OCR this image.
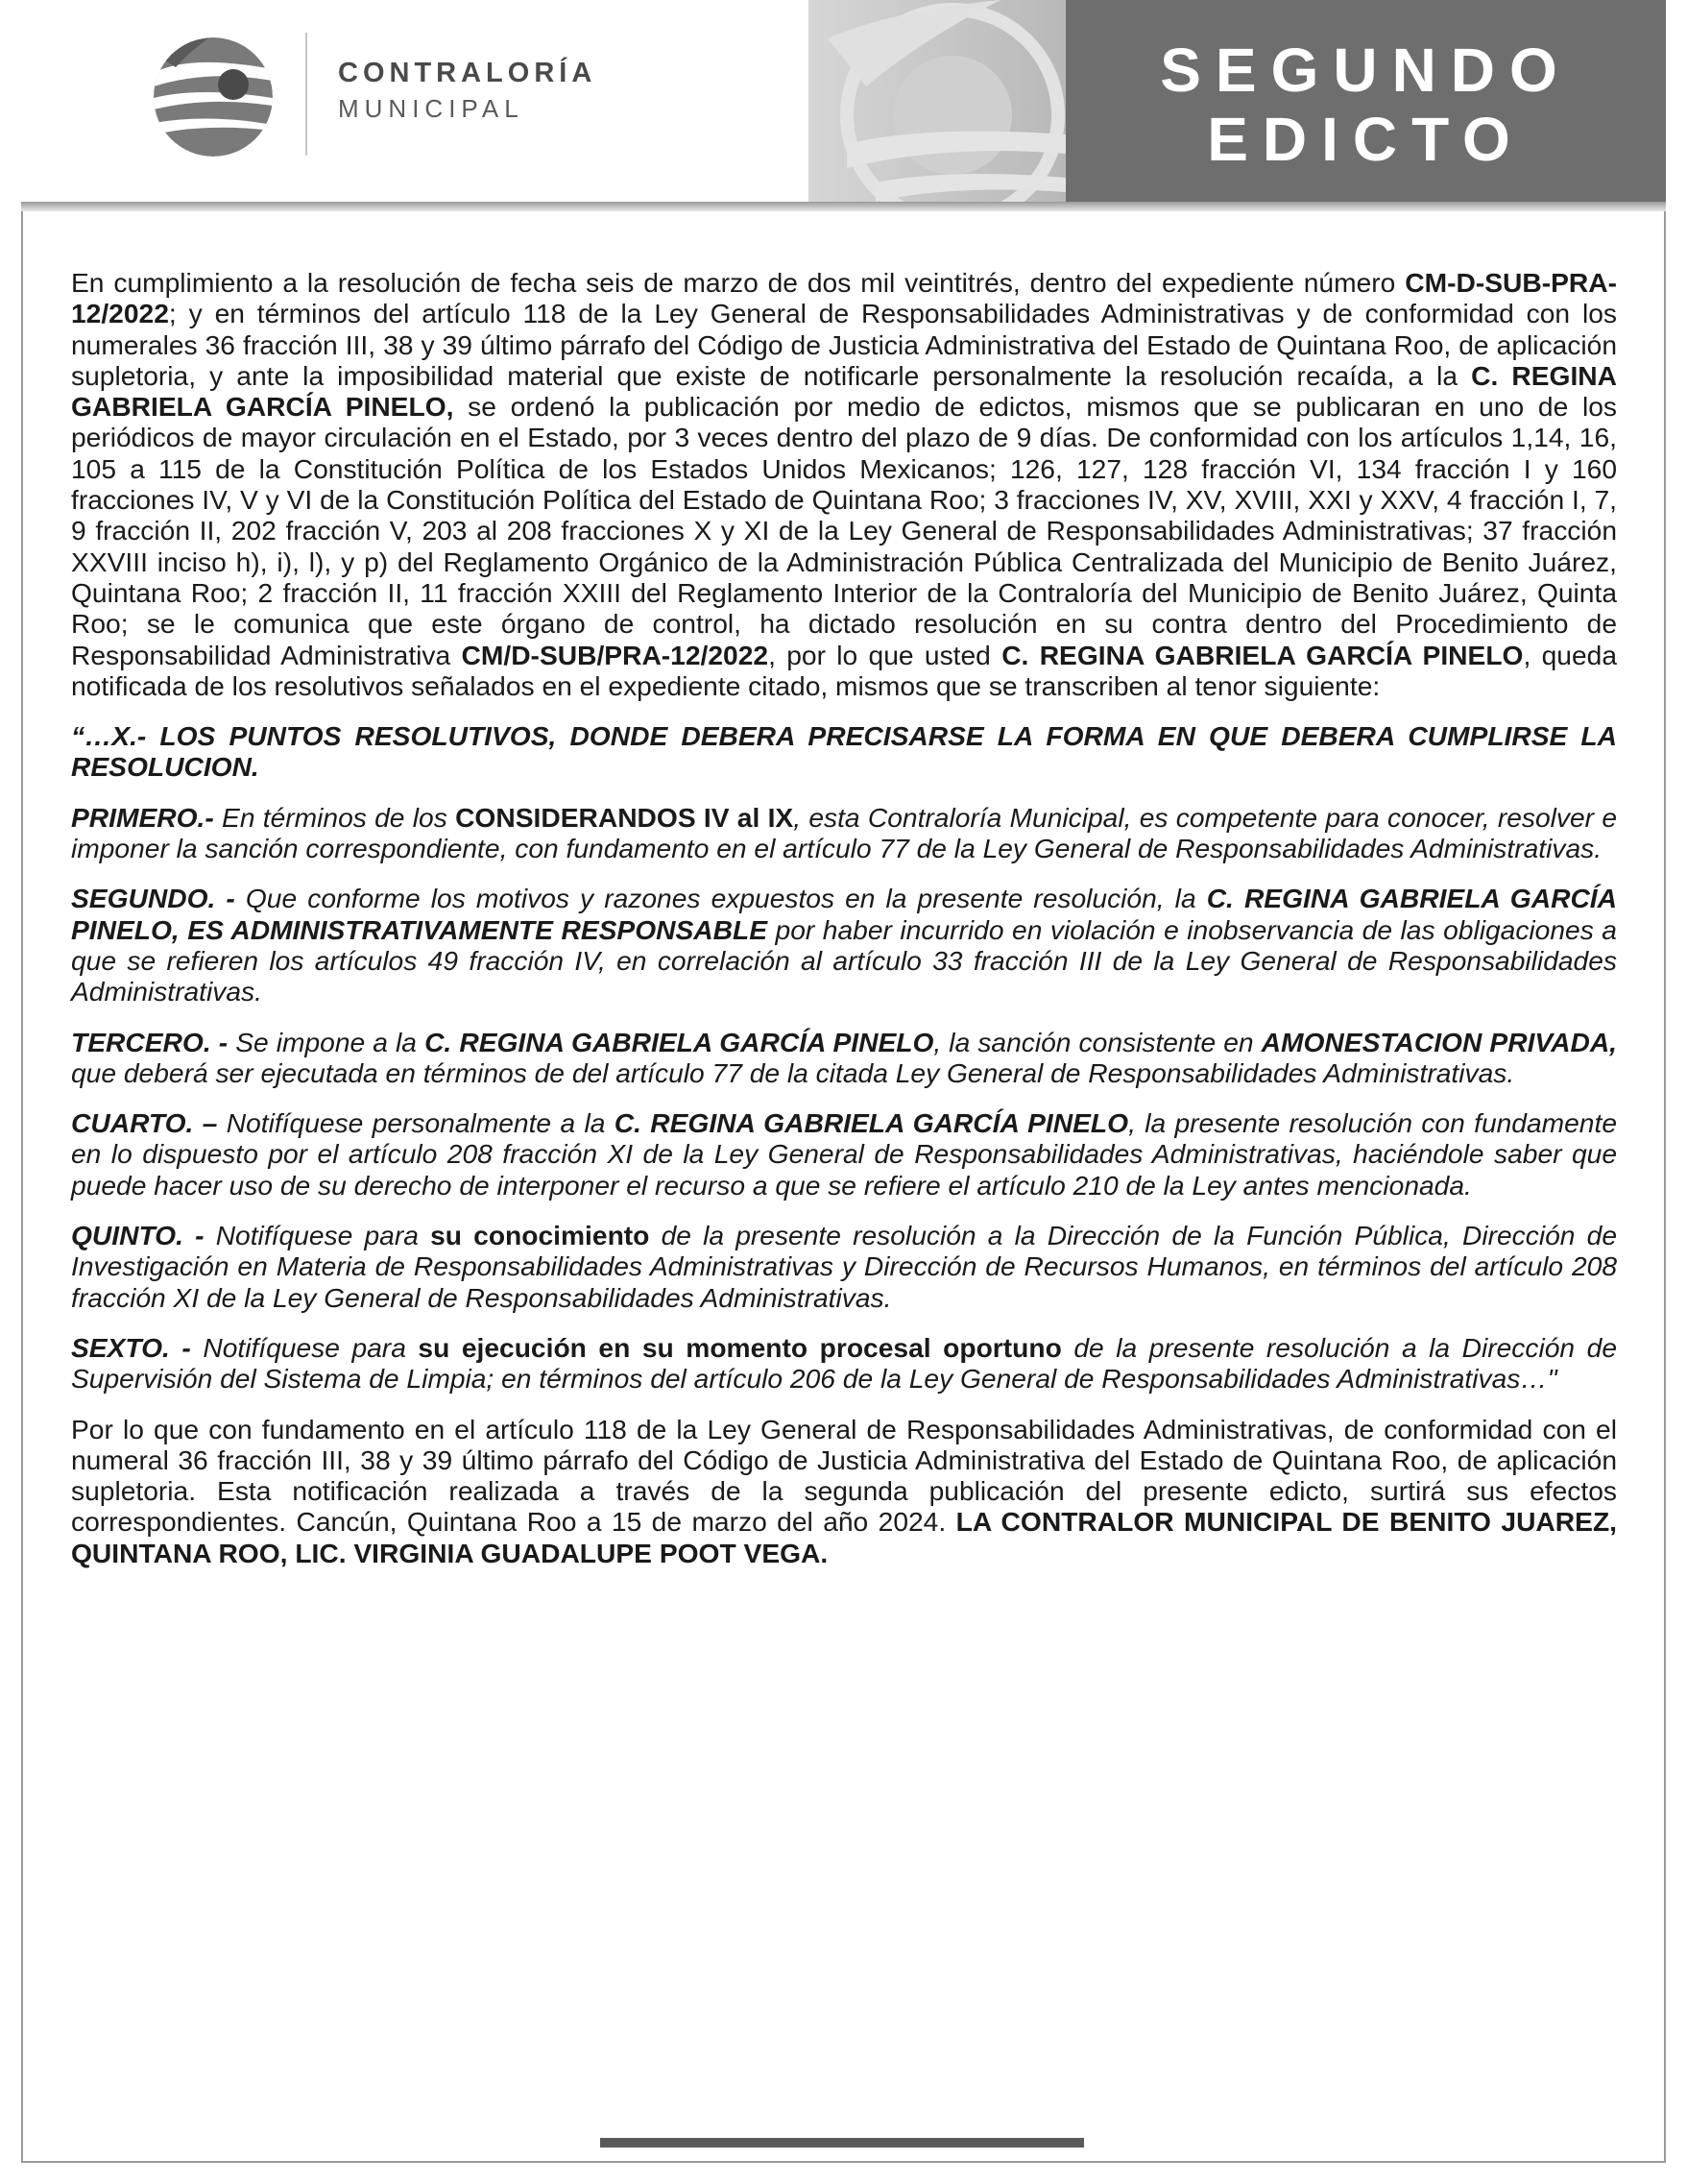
CONTRALORÍA
MUNICIPAL
SEGUNDO
EDICTO

En cumplimiento a la resolución de fecha seis de marzo de dos mil veintitrés, dentro del expediente número CM-D-SUB-PRA-12/2022; y en términos del artículo 118 de la Ley General de Responsabilidades Administrativas y de conformidad con los numerales 36 fracción III, 38 y 39 último párrafo del Código de Justicia Administrativa del Estado de Quintana Roo, de aplicación supletoria, y ante la imposibilidad material que existe de notificarle personalmente la resolución recaída, a la C. REGINA GABRIELA GARCÍA PINELO, se ordenó la publicación por medio de edictos, mismos que se publicaran en uno de los periódicos de mayor circulación en el Estado, por 3 veces dentro del plazo de 9 días. De conformidad con los artículos 1,14, 16, 105 a 115 de la Constitución Política de los Estados Unidos Mexicanos; 126, 127, 128 fracción VI, 134 fracción I y 160 fracciones IV, V y VI de la Constitución Política del Estado de Quintana Roo; 3 fracciones IV, XV, XVIII, XXI y XXV, 4 fracción I, 7, 9 fracción II, 202 fracción V, 203 al 208 fracciones X y XI de la Ley General de Responsabilidades Administrativas; 37 fracción XXVIII inciso h), i), l), y p) del Reglamento Orgánico de la Administración Pública Centralizada del Municipio de Benito Juárez, Quintana Roo; 2 fracción II, 11 fracción XXIII del Reglamento Interior de la Contraloría del Municipio de Benito Juárez, Quinta Roo; se le comunica que este órgano de control, ha dictado resolución en su contra dentro del Procedimiento de Responsabilidad Administrativa CM/D-SUB/PRA-12/2022, por lo que usted C. REGINA GABRIELA GARCÍA PINELO, queda notificada de los resolutivos señalados en el expediente citado, mismos que se transcriben al tenor siguiente:

“…X.- LOS PUNTOS RESOLUTIVOS, DONDE DEBERA PRECISARSE LA FORMA EN QUE DEBERA CUMPLIRSE LA RESOLUCION.

PRIMERO.- En términos de los CONSIDERANDOS IV al IX, esta Contraloría Municipal, es competente para conocer, resolver e imponer la sanción correspondiente, con fundamento en el artículo 77 de la Ley General de Responsabilidades Administrativas.

SEGUNDO. - Que conforme los motivos y razones expuestos en la presente resolución, la C. REGINA GABRIELA GARCÍA PINELO, ES ADMINISTRATIVAMENTE RESPONSABLE por haber incurrido en violación e inobservancia de las obligaciones a que se refieren los artículos 49 fracción IV, en correlación al artículo 33 fracción III de la Ley General de Responsabilidades Administrativas.

TERCERO. - Se impone a la C. REGINA GABRIELA GARCÍA PINELO, la sanción consistente en AMONESTACION PRIVADA, que deberá ser ejecutada en términos de del artículo 77 de la citada Ley General de Responsabilidades Administrativas.

CUARTO. – Notifíquese personalmente a la C. REGINA GABRIELA GARCÍA PINELO, la presente resolución con fundamente en lo dispuesto por el artículo 208 fracción XI de la Ley General de Responsabilidades Administrativas, haciéndole saber que puede hacer uso de su derecho de interponer el recurso a que se refiere el artículo 210 de la Ley antes mencionada.

QUINTO. - Notifíquese para su conocimiento de la presente resolución a la Dirección de la Función Pública, Dirección de Investigación en Materia de Responsabilidades Administrativas y Dirección de Recursos Humanos, en términos del artículo 208 fracción XI de la Ley General de Responsabilidades Administrativas.

SEXTO. - Notifíquese para su ejecución en su momento procesal oportuno de la presente resolución a la Dirección de Supervisión del Sistema de Limpia; en términos del artículo 206 de la Ley General de Responsabilidades Administrativas…"

Por lo que con fundamento en el artículo 118 de la Ley General de Responsabilidades Administrativas, de conformidad con el numeral 36 fracción III, 38 y 39 último párrafo del Código de Justicia Administrativa del Estado de Quintana Roo, de aplicación supletoria. Esta notificación realizada a través de la segunda publicación del presente edicto, surtirá sus efectos correspondientes. Cancún, Quintana Roo a 15 de marzo del año 2024. LA CONTRALOR MUNICIPAL DE BENITO JUAREZ, QUINTANA ROO, LIC. VIRGINIA GUADALUPE POOT VEGA.
